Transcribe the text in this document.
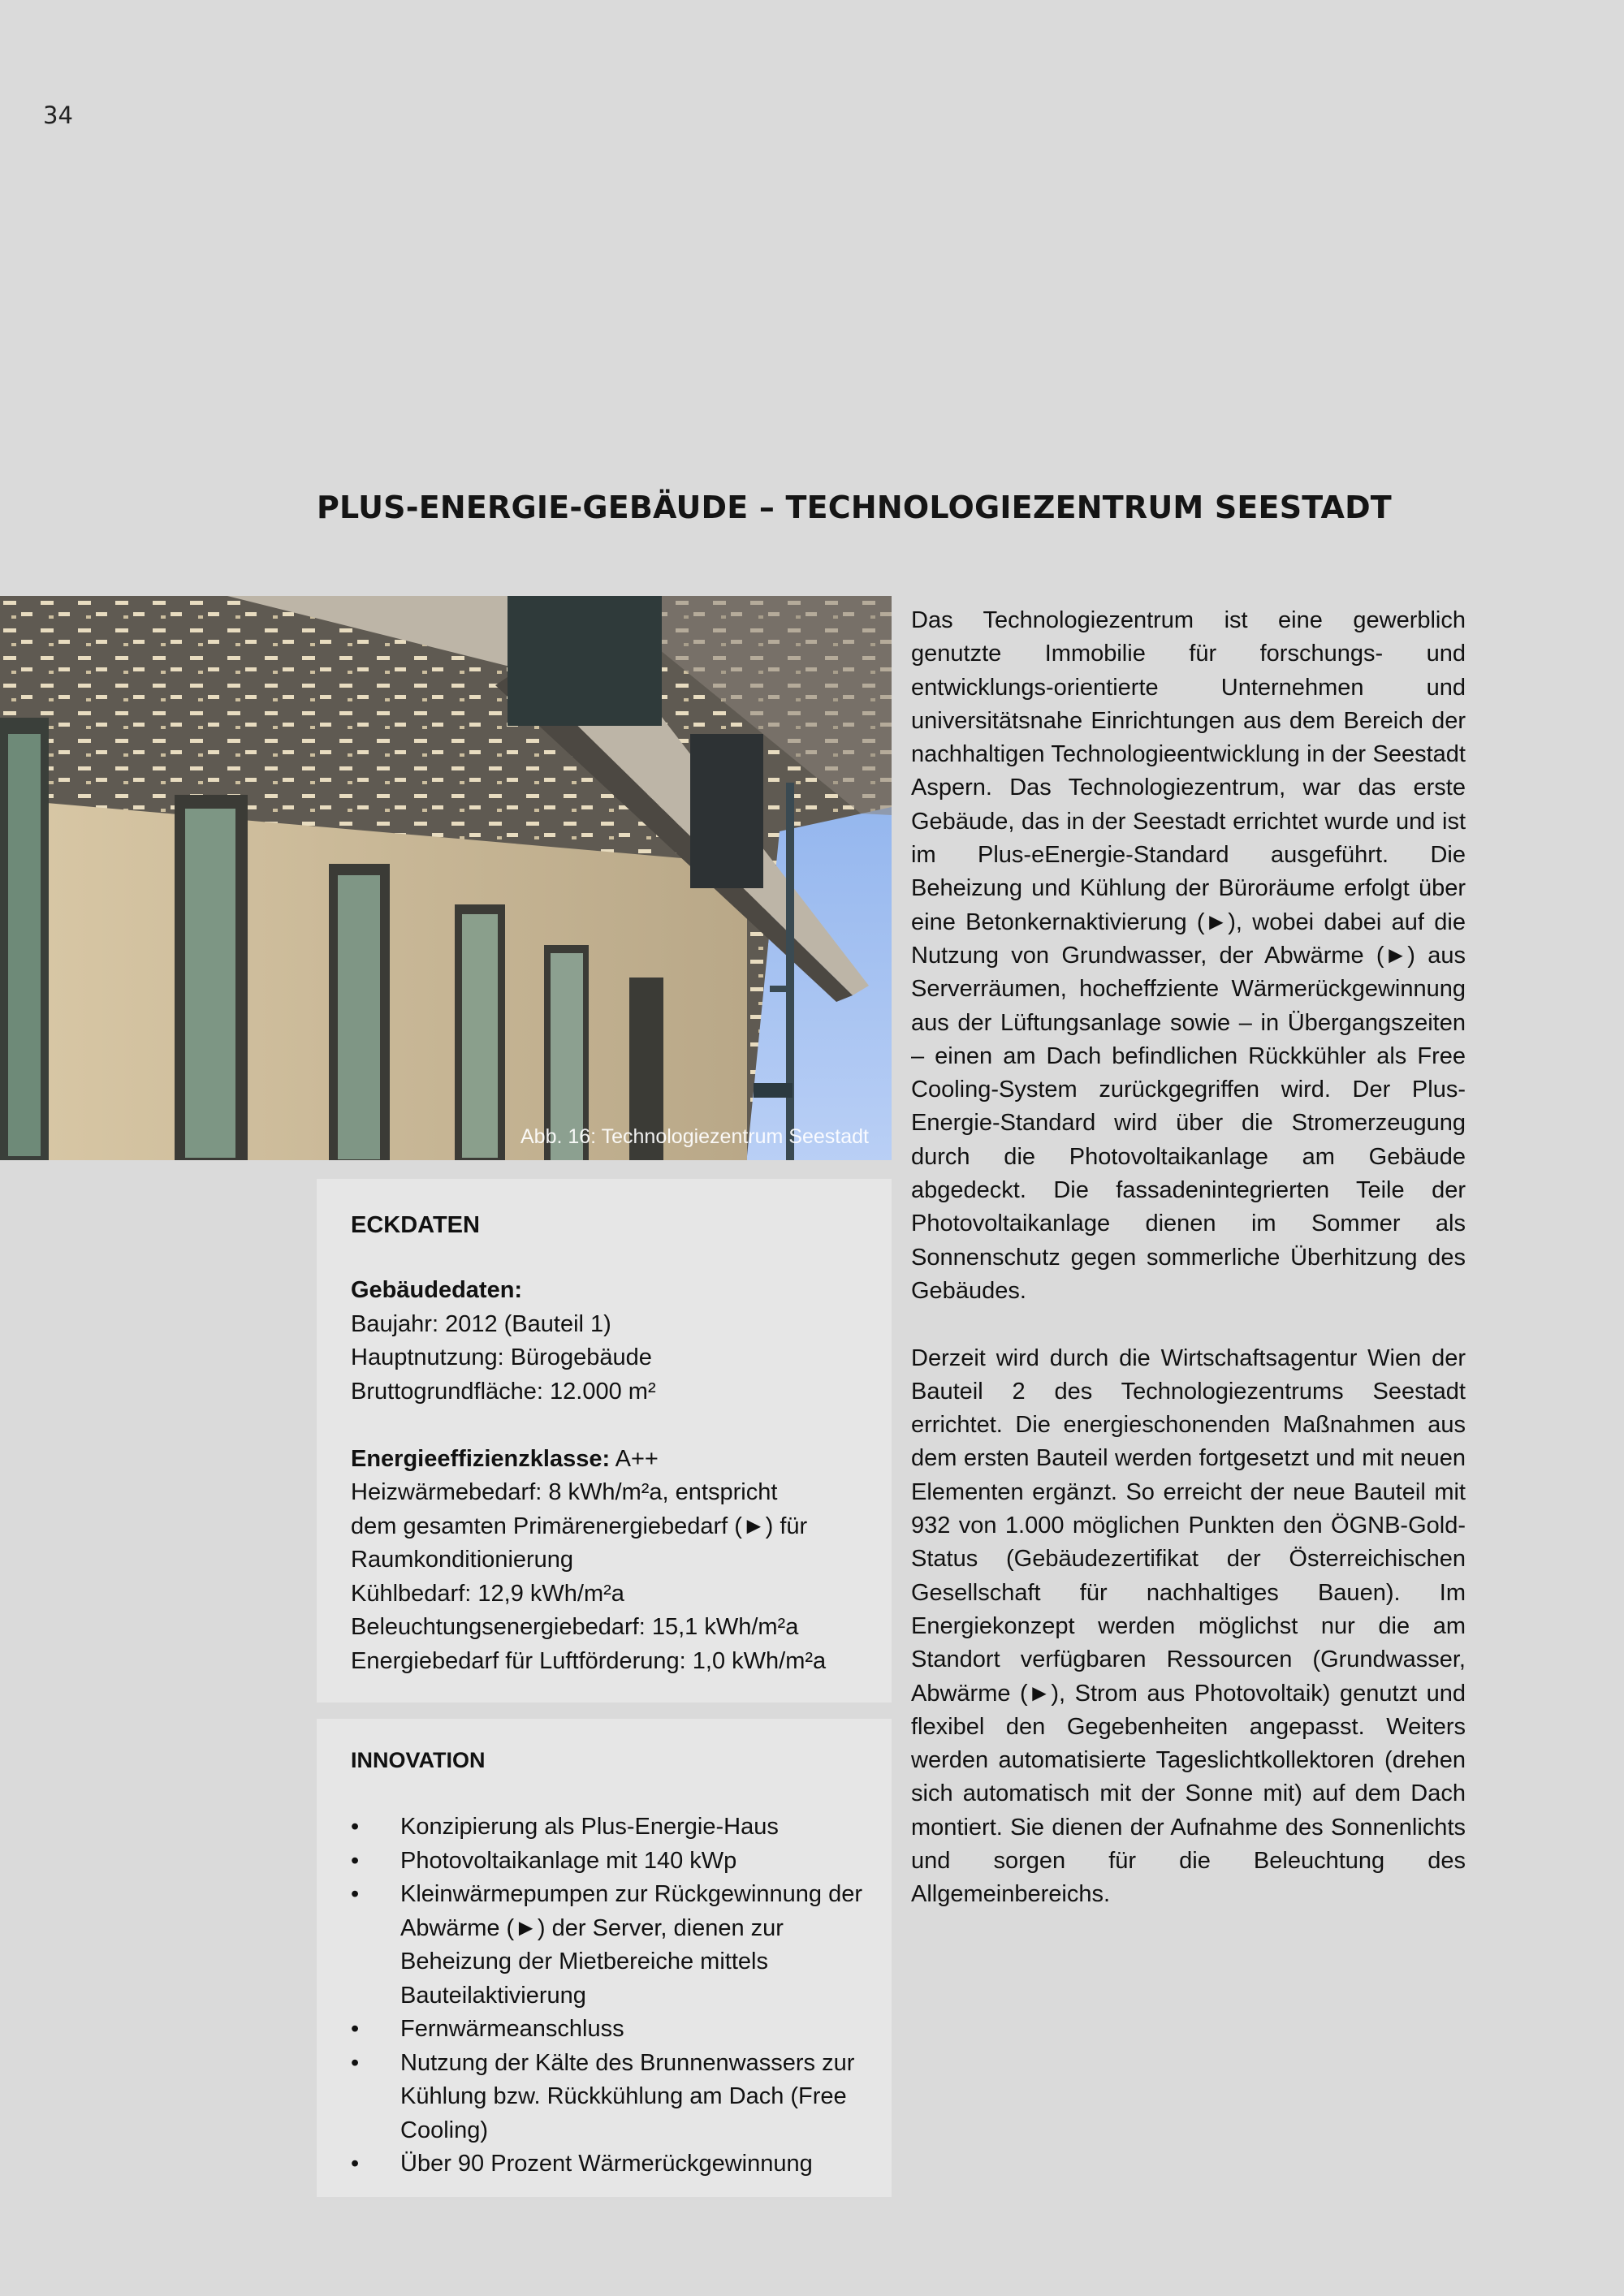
34
PLUS-ENERGIE-GEBÄUDE – TECHNOLOGIEZENTRUM SEESTADT
Abb. 16: Technologiezentrum Seestadt
ECKDATEN
Gebäudedaten:
Baujahr: 2012 (Bauteil 1)
Hauptnutzung: Bürogebäude
Bruttogrundfläche: 12.000 m²
Energieeffizienzklasse: A++
Heizwärmebedarf: 8 kWh/m²a, entspricht
dem gesamten Primärenergiebedarf (►) für
Raumkonditionierung
Kühlbedarf: 12,9 kWh/m²a
Beleuchtungsenergiebedarf: 15,1 kWh/m²a
Energiebedarf für Luftförderung: 1,0 kWh/m²a
INNOVATION
• Konzipierung als Plus-Energie-Haus
• Photovoltaikanlage mit 140 kWp
• Kleinwärmepumpen zur Rückgewinnung der Abwärme (►) der Server, dienen zur Beheizung der Mietbereiche mittels Bauteilaktivierung
• Fernwärmeanschluss
• Nutzung der Kälte des Brunnenwassers zur Kühlung bzw. Rückkühlung am Dach (Free Cooling)
• Über 90 Prozent Wärmerückgewinnung

Das Technologiezentrum ist eine gewerblich genutzte Immobilie für forschungs- und entwicklungs-orientierte Unternehmen und universitätsnahe Einrichtungen aus dem Bereich der nachhaltigen Technologieentwicklung in der Seestadt Aspern. Das Technologiezentrum, war das erste Gebäude, das in der Seestadt errichtet wurde und ist im Plus-eEnergie-Standard ausgeführt. Die Beheizung und Kühlung der Büroräume erfolgt über eine Betonkernaktivierung (►), wobei dabei auf die Nutzung von Grundwasser, der Abwärme (►) aus Serverräumen, hocheffziente Wärmerückgewinnung aus der Lüftungsanlage sowie – in Übergangszeiten – einen am Dach befindlichen Rückkühler als Free Cooling-System zurückgegriffen wird. Der Plus-Energie-Standard wird über die Stromerzeugung durch die Photovoltaikanlage am Gebäude abgedeckt. Die fassadenintegrierten Teile der Photovoltaikanlage dienen im Sommer als Sonnenschutz gegen sommerliche Überhitzung des Gebäudes.

Derzeit wird durch die Wirtschaftsagentur Wien der Bauteil 2 des Technologiezentrums Seestadt errichtet. Die energieschonenden Maßnahmen aus dem ersten Bauteil werden fortgesetzt und mit neuen Elementen ergänzt. So erreicht der neue Bauteil mit 932 von 1.000 möglichen Punkten den ÖGNB-Gold-Status (Gebäudezertifikat der Österreichischen Gesellschaft für nachhaltiges Bauen). Im Energiekonzept werden möglichst nur die am Standort verfügbaren Ressourcen (Grundwasser, Abwärme (►), Strom aus Photovoltaik) genutzt und flexibel den Gegebenheiten angepasst. Weiters werden automatisierte Tageslichtkollektoren (drehen sich automatisch mit der Sonne mit) auf dem Dach montiert. Sie dienen der Aufnahme des Sonnenlichts und sorgen für die Beleuchtung des Allgemeinbereichs.
